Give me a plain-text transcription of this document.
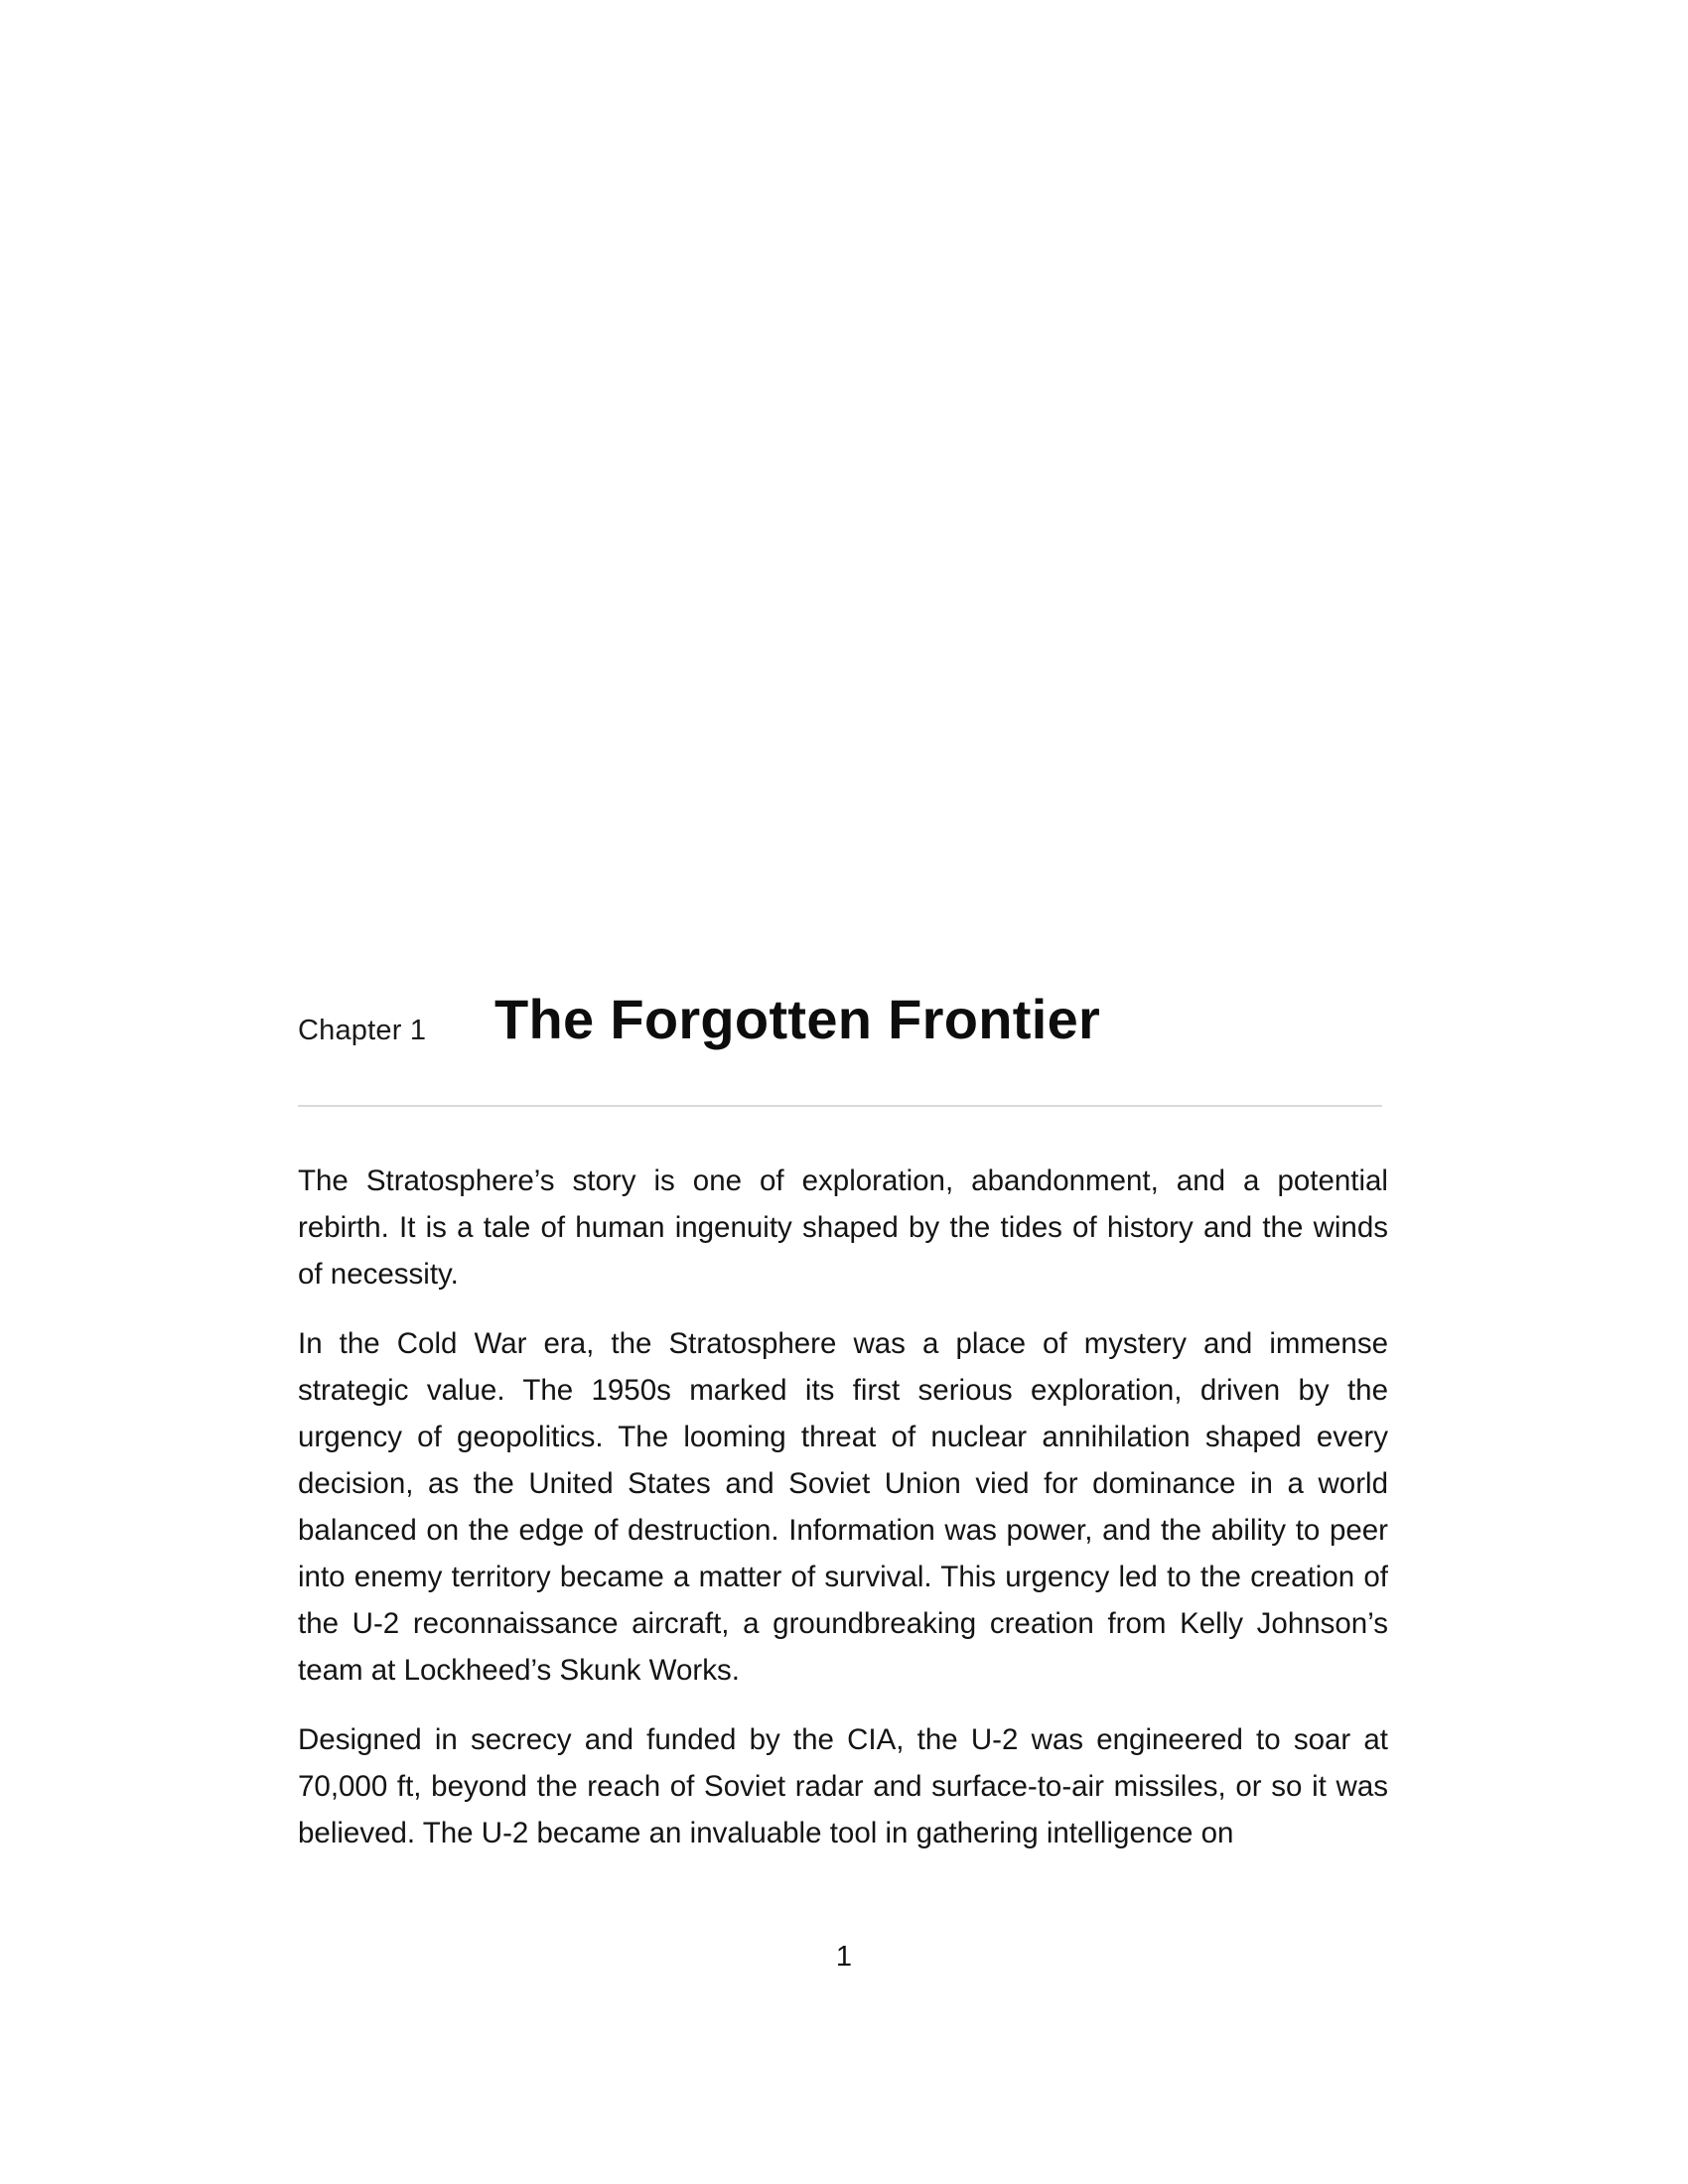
Chapter 1 The Forgotten Frontier

The Stratosphere’s story is one of exploration, abandonment, and a potential rebirth. It is a tale of human ingenuity shaped by the tides of history and the winds of necessity.

In the Cold War era, the Stratosphere was a place of mystery and immense strategic value. The 1950s marked its first serious exploration, driven by the urgency of geopolitics. The looming threat of nuclear annihilation shaped every decision, as the United States and Soviet Union vied for dominance in a world balanced on the edge of destruction. Information was power, and the ability to peer into enemy territory became a matter of survival. This urgency led to the creation of the U-2 reconnaissance aircraft, a groundbreaking creation from Kelly Johnson’s team at Lockheed’s Skunk Works.

Designed in secrecy and funded by the CIA, the U-2 was engineered to soar at 70,000 ft, beyond the reach of Soviet radar and surface-to-air missiles, or so it was believed. The U-2 became an invaluable tool in gathering intelligence on

1
